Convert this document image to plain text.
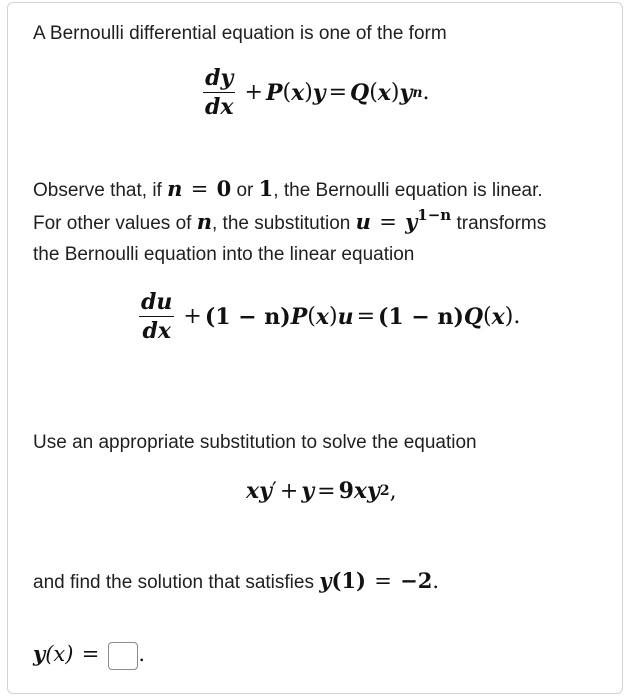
A Bernoulli differential equation is one of the form
$\frac{dy}{dx} + P$ ( x ) y = Q ( x ) y n .
Observe that, if n = 0 or 1, the Bernoulli equation is linear.
For other values of n, the substitution $u = y^{1-n}$ transforms
the Bernoulli equation into the linear equation
$\frac{du}{dx} + (1 - n)$ P ( x ) u = (1 − n) Q ( x ) .
Use an appropriate substitution to solve the equation
x y ′ + y = 9 x y 2 ,
and find the solution that satisfies y(1) = −2.
y(x) = .
